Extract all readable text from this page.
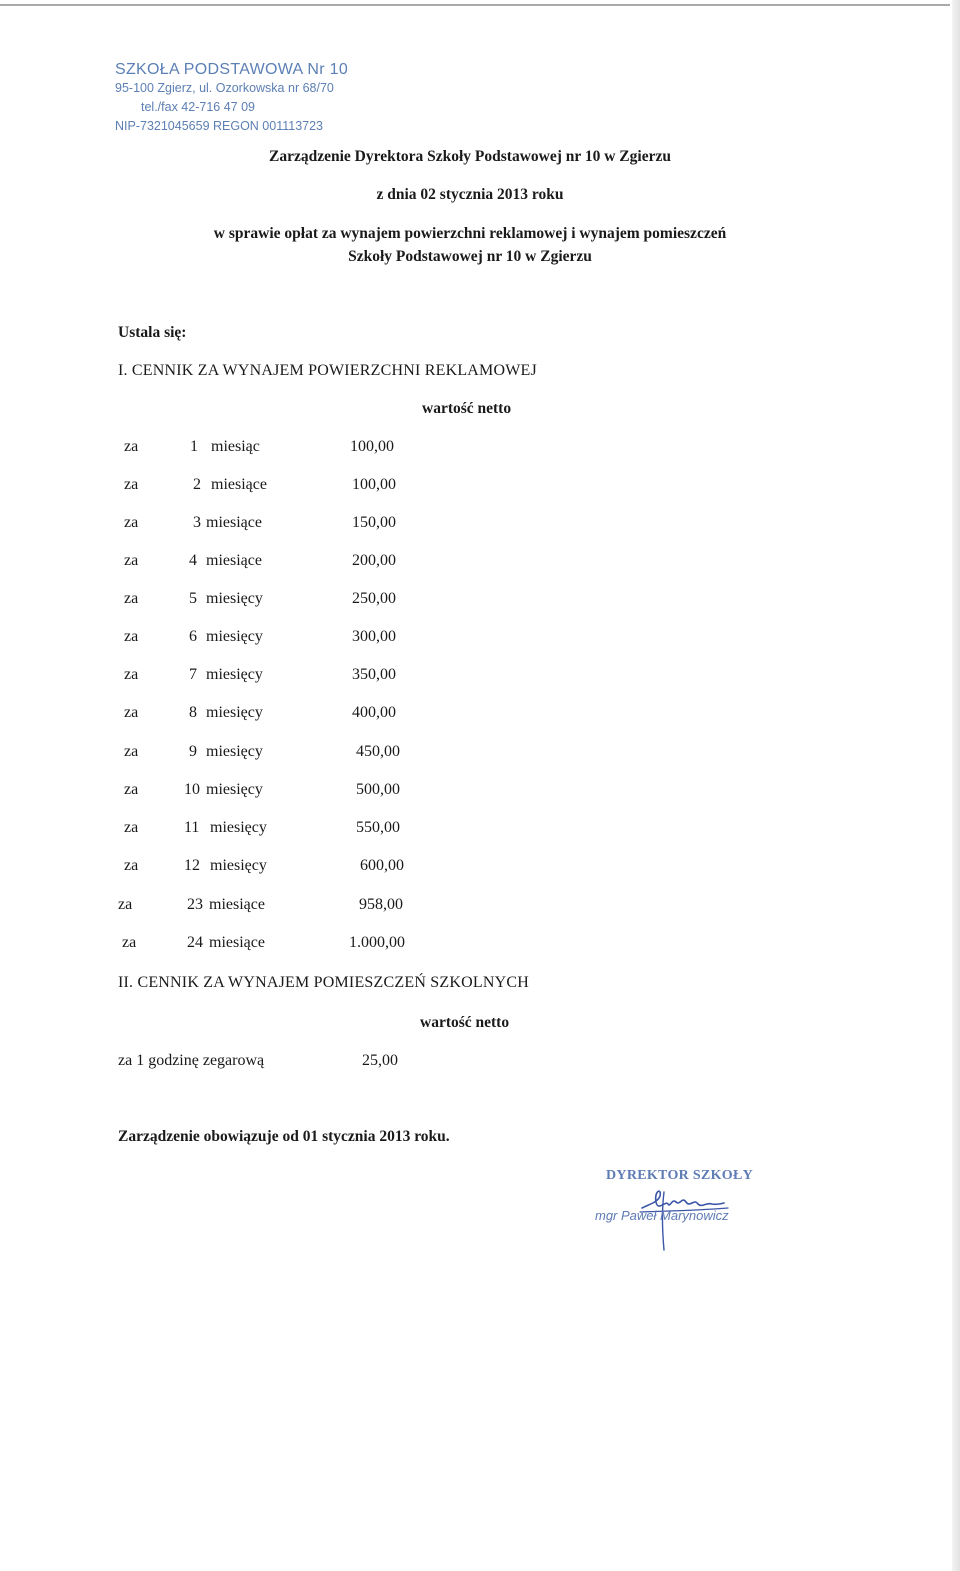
SZKOŁA PODSTAWOWA Nr 10
95-100 Zgierz, ul. Ozorkowska nr 68/70
tel./fax 42-716 47 09
NIP-7321045659 REGON 001113723
Zarządzenie Dyrektora Szkoły Podstawowej nr 10 w Zgierzu
z dnia 02 stycznia 2013 roku
w sprawie opłat za wynajem powierzchni reklamowej i wynajem pomieszczeń
Szkoły Podstawowej nr 10 w Zgierzu
Ustala się:
I. CENNIK ZA WYNAJEM POWIERZCHNI REKLAMOWEJ
wartość netto
za	1 miesiąc	100,00
za	2 miesiące	100,00
za	3 miesiące	150,00
za	4 miesiące	200,00
za	5 miesięcy	250,00
za	6 miesięcy	300,00
za	7 miesięcy	350,00
za	8 miesięcy	400,00
za	9 miesięcy	450,00
za	10 miesięcy	500,00
za	11 miesięcy	550,00
za	12 miesięcy	600,00
za	23 miesiące	958,00
za	24 miesiące	1.000,00
II. CENNIK ZA WYNAJEM POMIESZCZEŃ SZKOLNYCH
wartość netto
za 1 godzinę zegarową	25,00
Zarządzenie obowiązuje od 01 stycznia 2013 roku.
DYREKTOR SZKOŁY
mgr Paweł Marynowicz
